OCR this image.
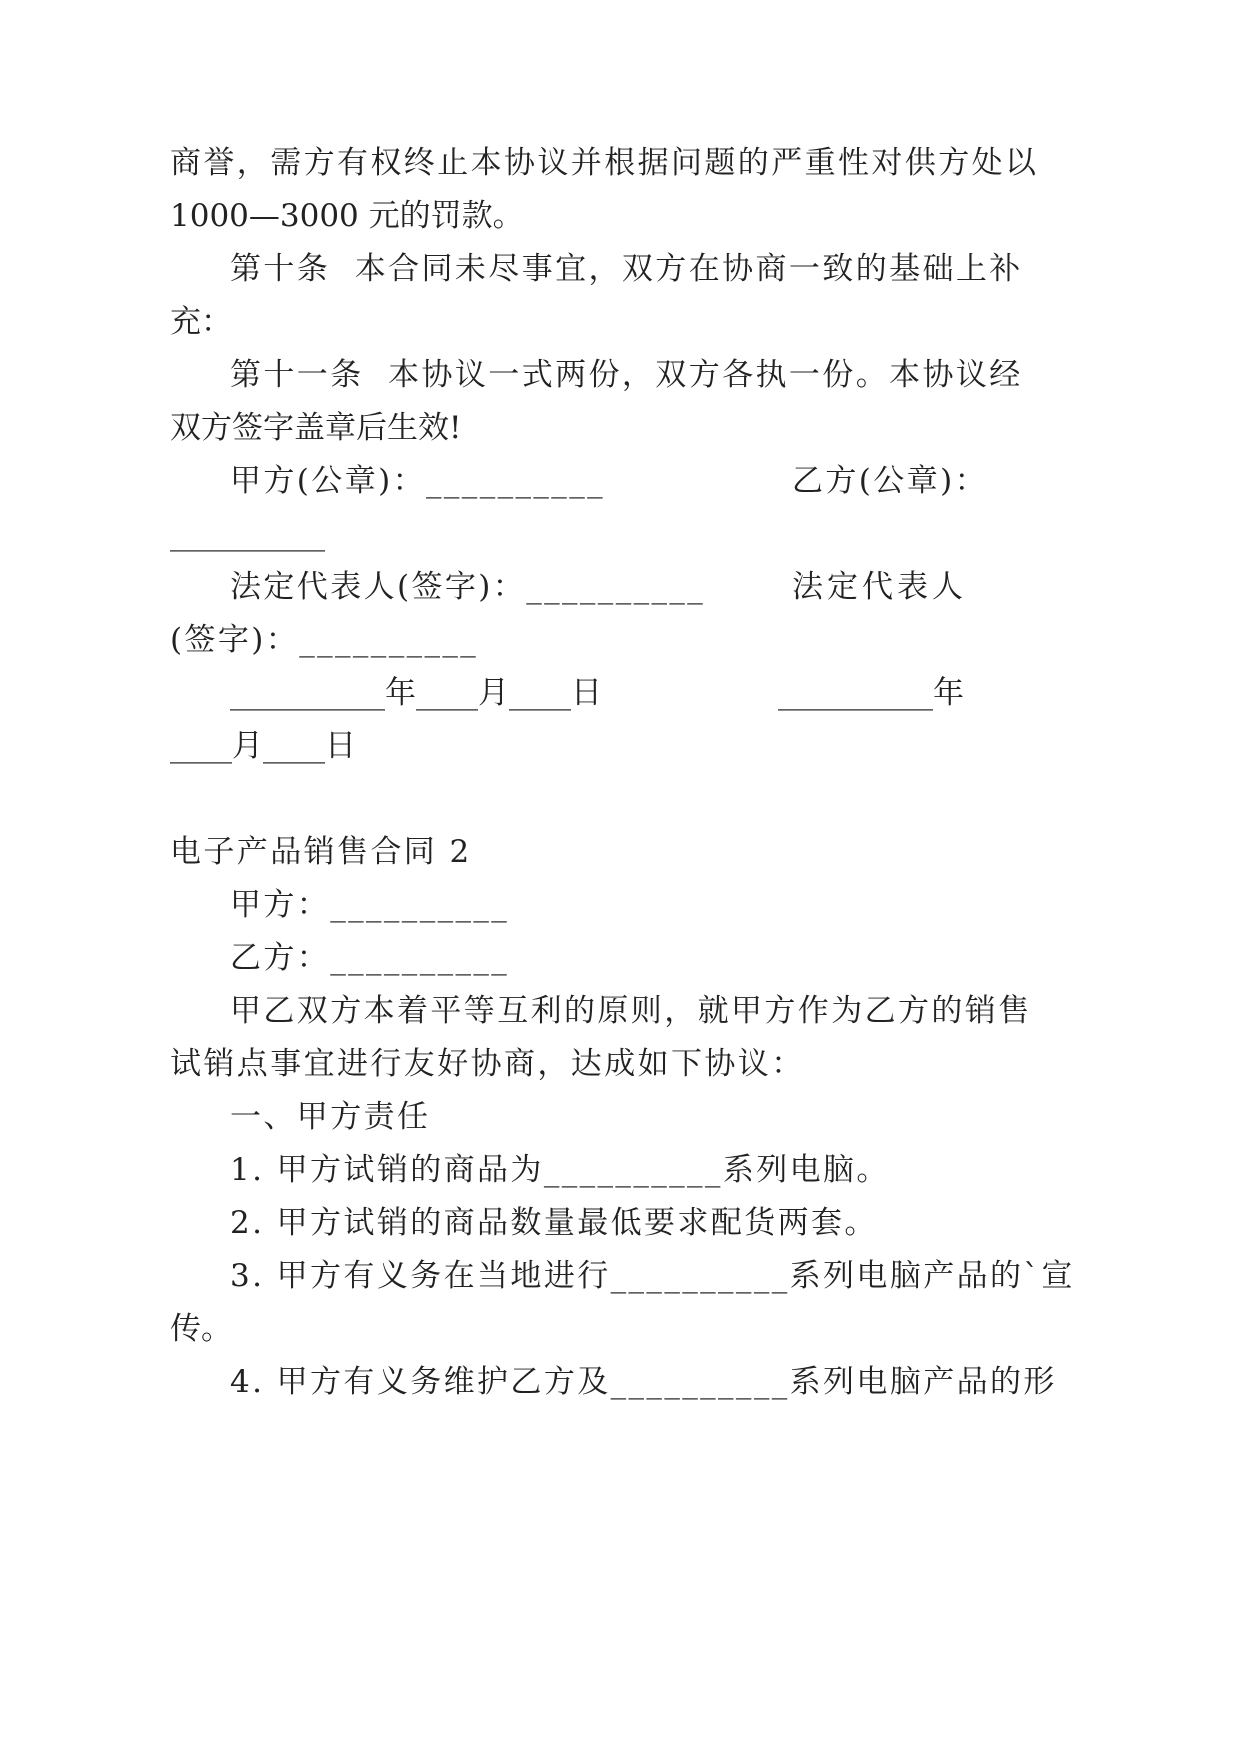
商誉，需方有权终止本协议并根据问题的严重性对供方处以
1000—3000 元的罚款。
第十条  本合同未尽事宜，双方在协商一致的基础上补
充：
第十一条  本协议一式两份，双方各执一份。本协议经
双方签字盖章后生效!
甲方(公章)：__________	乙方(公章)：
__________
法定代表人(签字)：__________	法定代表人
(签字)：__________
__________年____月____日	__________年
____月____日
电子产品销售合同 2
甲方：__________
乙方：__________
甲乙双方本着平等互利的原则，就甲方作为乙方的销售
试销点事宜进行友好协商，达成如下协议：
一、甲方责任
1. 甲方试销的商品为__________系列电脑。
2. 甲方试销的商品数量最低要求配货两套。
3. 甲方有义务在当地进行__________系列电脑产品的`宣
传。
4. 甲方有义务维护乙方及__________系列电脑产品的形
